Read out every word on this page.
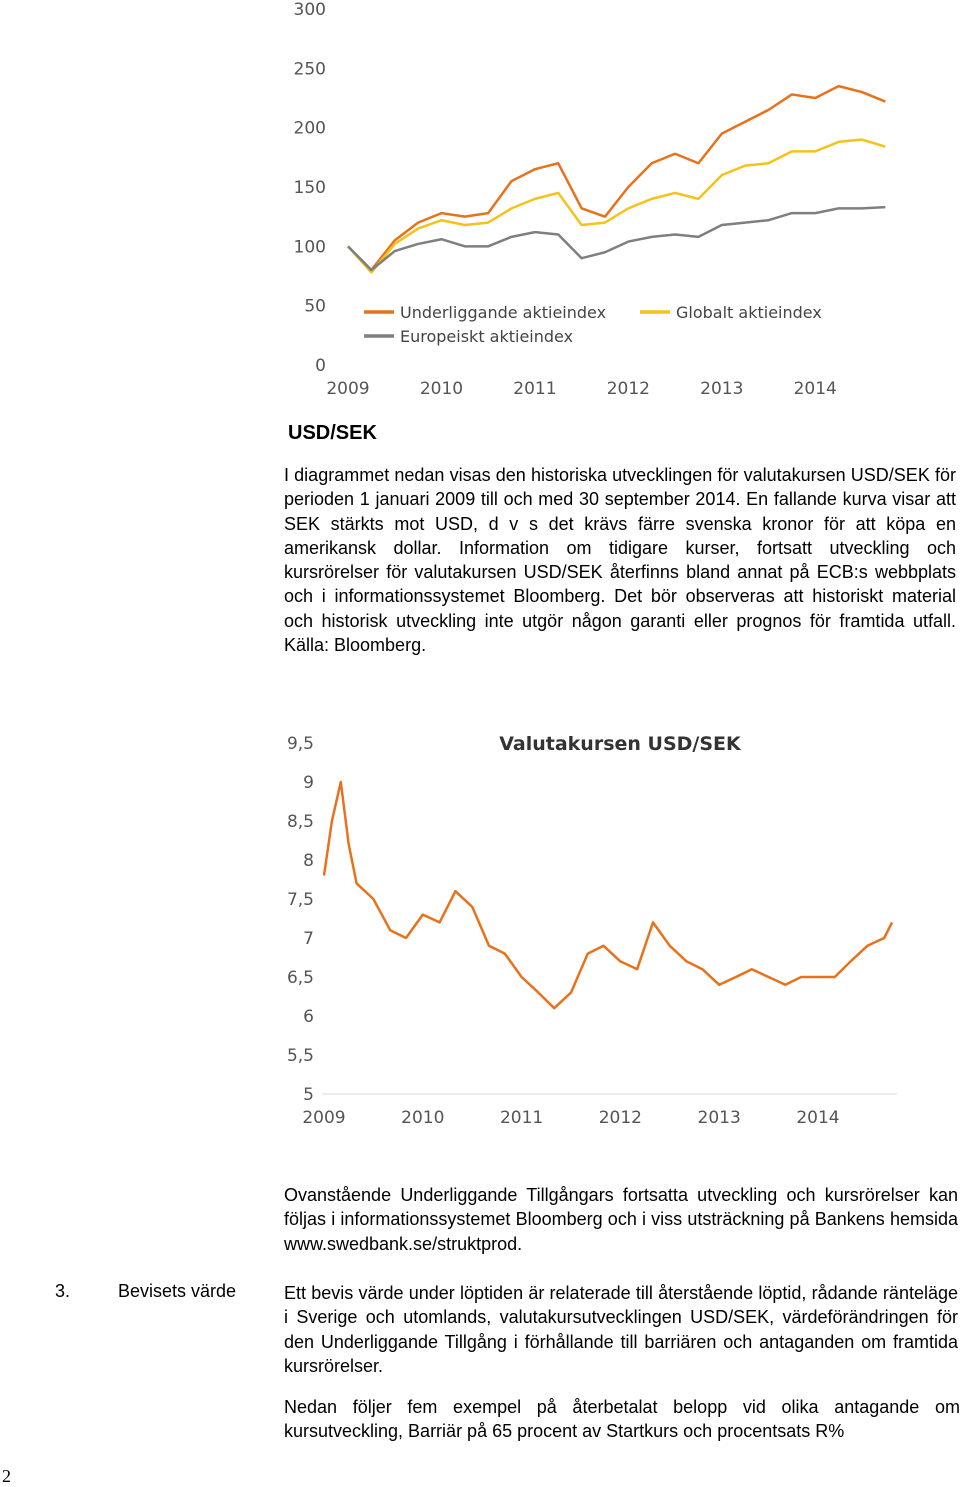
0
50
100
150
200
250
300
2009	2010	2011	2012	2013	2014
Underliggande aktieindex	Globalt aktieindex
Europeiskt aktieindex
USD/SEK

I diagrammet nedan visas den historiska utvecklingen för valutakursen USD/SEK för perioden 1 januari 2009 till och med 30 september 2014. En fallande kurva visar att SEK stärkts mot USD, d v s det krävs färre svenska kronor för att köpa en amerikansk dollar. Information om tidigare kurser, fortsatt utveckling och kursrörelser för valutakursen USD/SEK återfinns bland annat på ECB:s webbplats och i informationssystemet Bloomberg. Det bör observeras att historiskt material och historisk utveckling inte utgör någon garanti eller prognos för framtida utfall. Källa: Bloomberg.

Valutakursen USD/SEK
5
5,5
6
6,5
7
7,5
8
8,5
9
9,5
2009	2010	2011	2012	2013	2014

Ovanstående Underliggande Tillgångars fortsatta utveckling och kursrörelser kan följas i informationssystemet Bloomberg och i viss utsträckning på Bankens hemsida www.swedbank.se/struktprod.

3.	Bevisets värde	Ett bevis värde under löptiden är relaterade till återstående löptid, rådande ränteläge i Sverige och utomlands, valutakursutvecklingen USD/SEK, värdeförändringen för den Underliggande Tillgång i förhållande till barriären och antaganden om framtida kursrörelser.

Nedan följer fem exempel på återbetalat belopp vid olika antagande om kursutveckling, Barriär på 65 procent av Startkurs och procentsats R%

2
